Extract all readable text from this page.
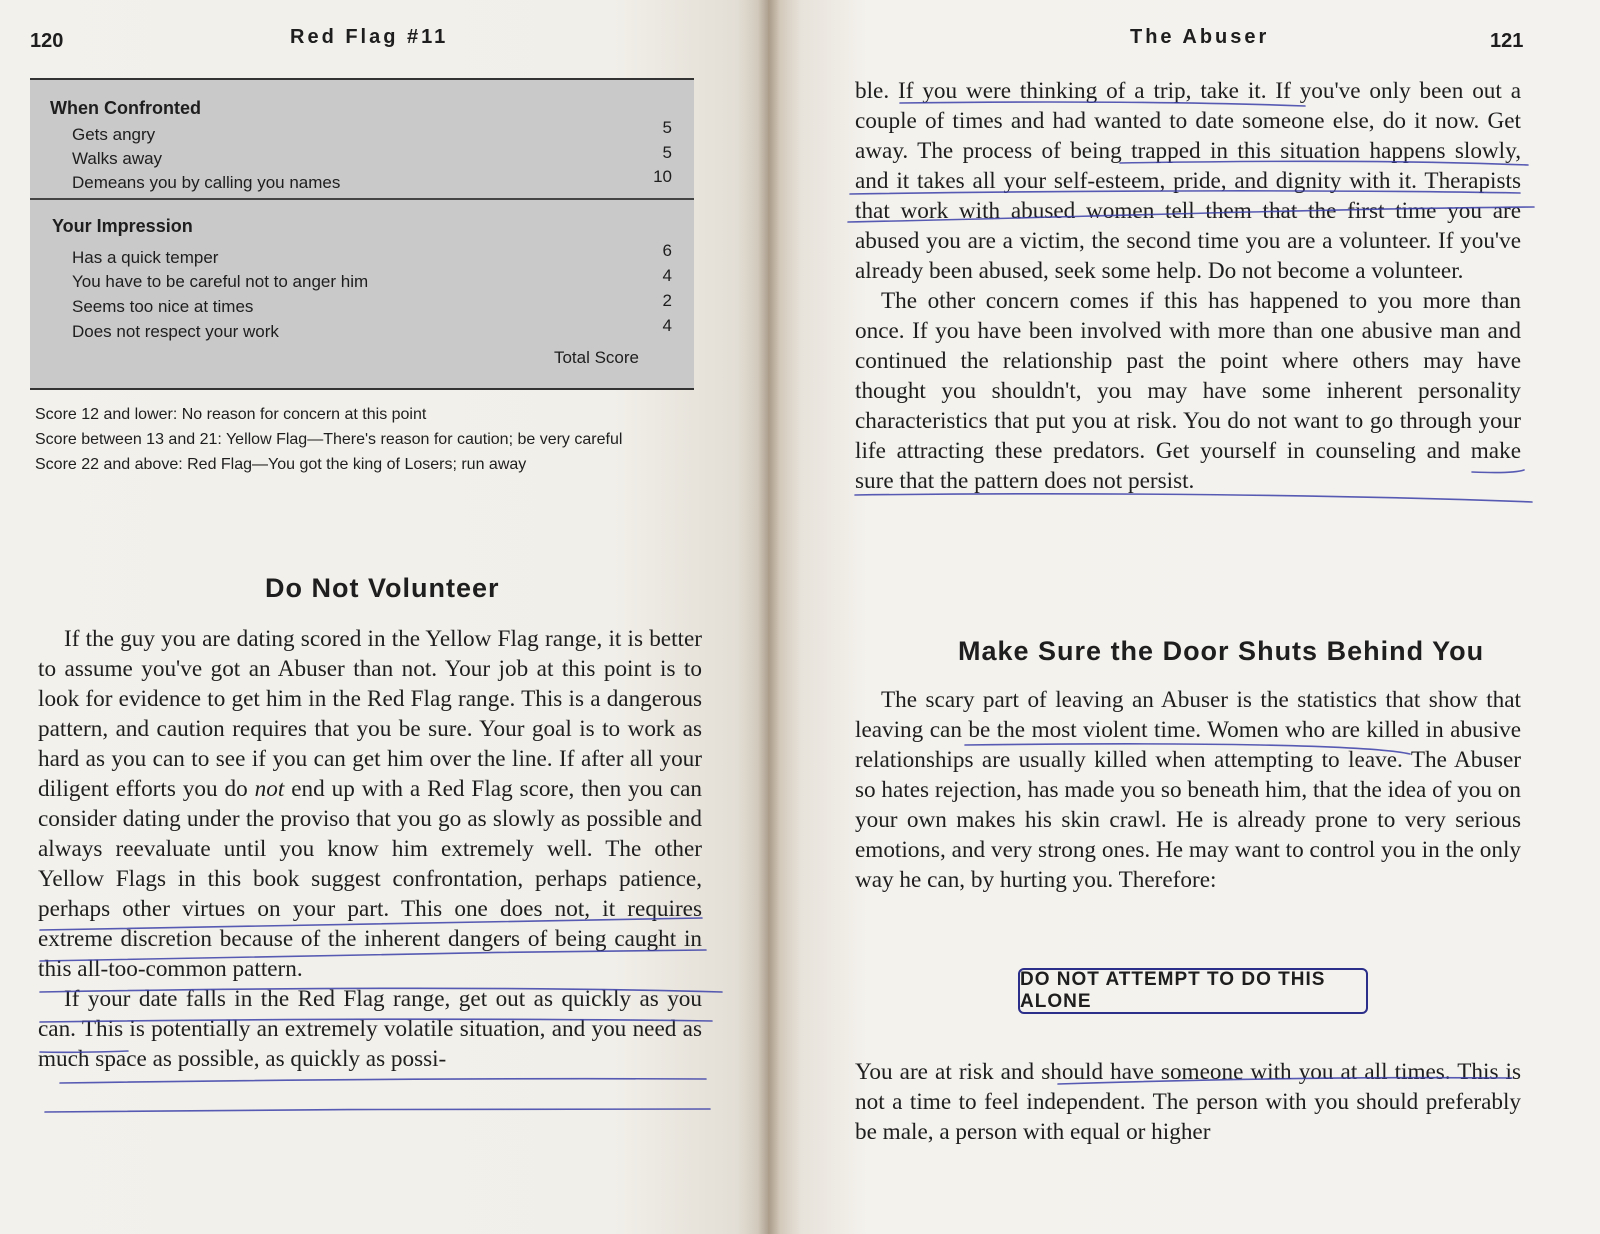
120	Red Flag #11
When Confronted
Gets angry	5
Walks away	5
Demeans you by calling you names	10
Your Impression
Has a quick temper	6
You have to be careful not to anger him	4
Seems too nice at times	2
Does not respect your work	4
Total Score
Score 12 and lower: No reason for concern at this point
Score between 13 and 21: Yellow Flag—There's reason for caution; be very careful
Score 22 and above: Red Flag—You got the king of Losers; run away
Do Not Volunteer

If the guy you are dating scored in the Yellow Flag range, it is better to assume you've got an Abuser than not. Your job at this point is to look for evidence to get him in the Red Flag range. This is a dangerous pattern, and caution requires that you be sure. Your goal is to work as hard as you can to see if you can get him over the line. If after all your diligent efforts you do not end up with a Red Flag score, then you can consider dating under the proviso that you go as slowly as possible and always reevaluate until you know him extremely well. The other Yellow Flags in this book suggest confrontation, perhaps patience, perhaps other virtues on your part. This one does not, it requires extreme discretion because of the inherent dangers of being caught in this all-too-common pattern.

If your date falls in the Red Flag range, get out as quickly as you can. This is potentially an extremely volatile situation, and you need as much space as possible, as quickly as possi-

The Abuser	121

ble. If you were thinking of a trip, take it. If you've only been out a couple of times and had wanted to date someone else, do it now. Get away. The process of being trapped in this situation happens slowly, and it takes all your self-esteem, pride, and dignity with it. Therapists that work with abused women tell them that the first time you are abused you are a victim, the second time you are a volunteer. If you've already been abused, seek some help. Do not become a volunteer.

The other concern comes if this has happened to you more than once. If you have been involved with more than one abusive man and continued the relationship past the point where others may have thought you shouldn't, you may have some inherent personality characteristics that put you at risk. You do not want to go through your life attracting these predators. Get yourself in counseling and make sure that the pattern does not persist.

Make Sure the Door Shuts Behind You

The scary part of leaving an Abuser is the statistics that show that leaving can be the most violent time. Women who are killed in abusive relationships are usually killed when attempting to leave. The Abuser so hates rejection, has made you so beneath him, that the idea of you on your own makes his skin crawl. He is already prone to very serious emotions, and very strong ones. He may want to control you in the only way he can, by hurting you. Therefore:

DO NOT ATTEMPT TO DO THIS ALONE

You are at risk and should have someone with you at all times. This is not a time to feel independent. The person with you should preferably be male, a person with equal or higher
